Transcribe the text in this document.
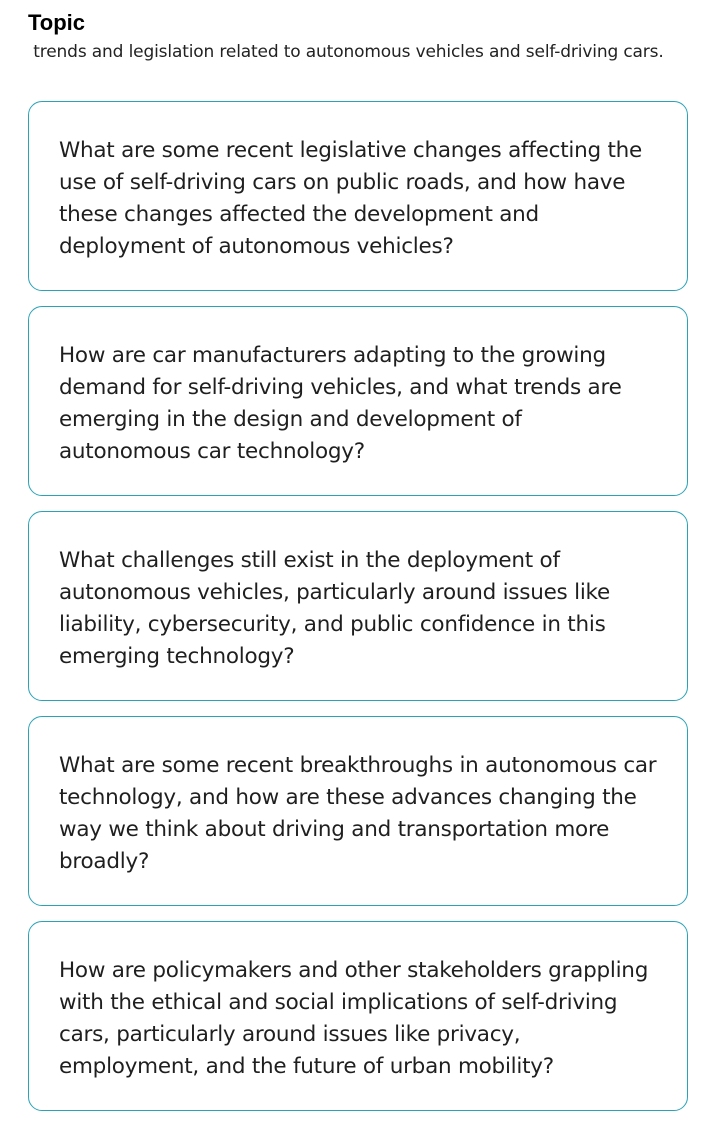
Topic
trends and legislation related to autonomous vehicles and self-driving cars.

What are some recent legislative changes affecting the use of self-driving cars on public roads, and how have these changes affected the development and deployment of autonomous vehicles?

How are car manufacturers adapting to the growing demand for self-driving vehicles, and what trends are emerging in the design and development of autonomous car technology?

What challenges still exist in the deployment of autonomous vehicles, particularly around issues like liability, cybersecurity, and public confidence in this emerging technology?

What are some recent breakthroughs in autonomous car technology, and how are these advances changing the way we think about driving and transportation more broadly?

How are policymakers and other stakeholders grappling with the ethical and social implications of self-driving cars, particularly around issues like privacy, employment, and the future of urban mobility?
